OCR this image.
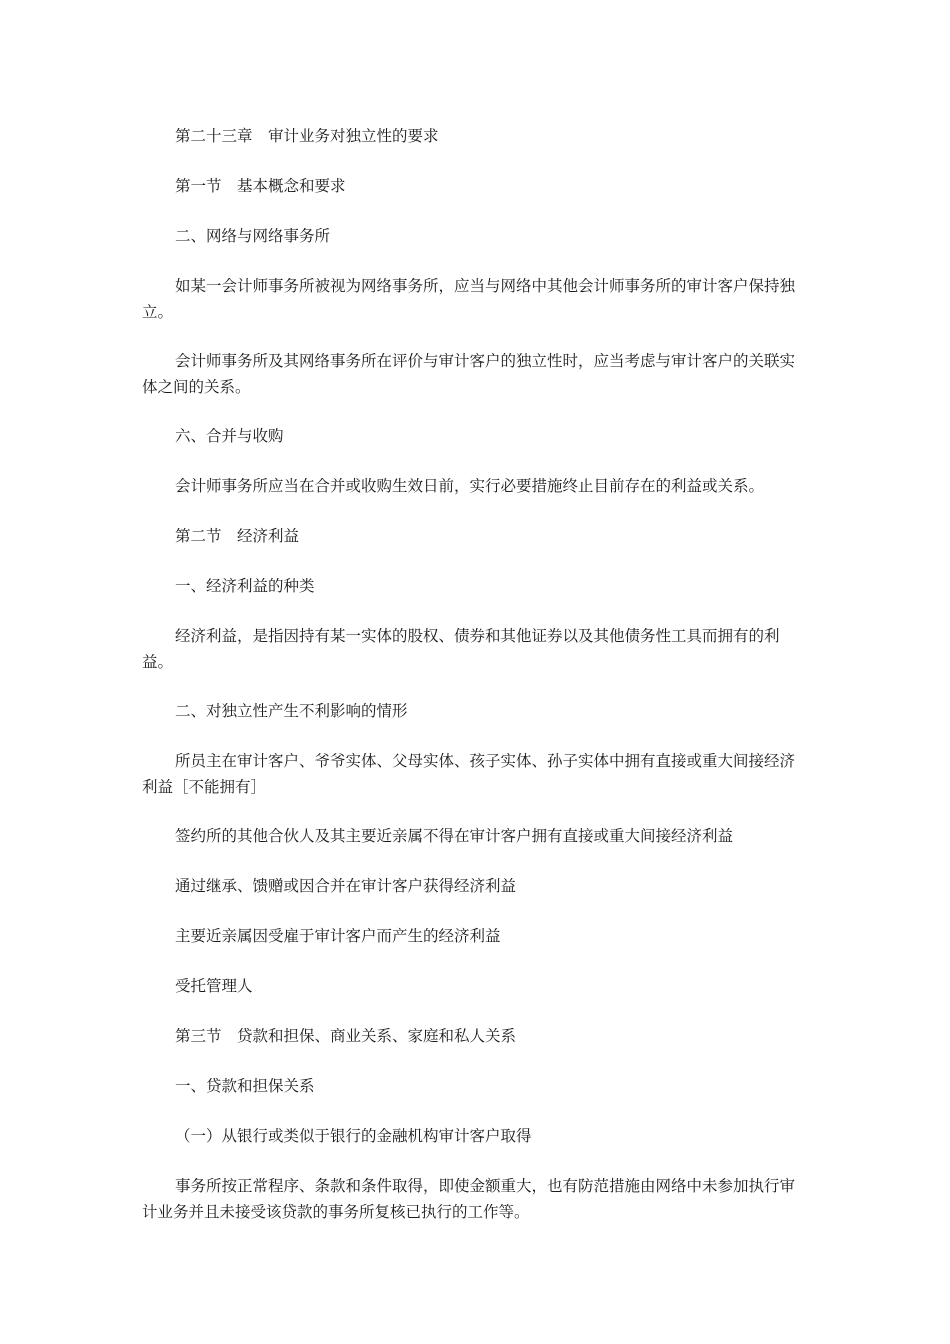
第二十三章　审计业务对独立性的要求

第一节　基本概念和要求

二、网络与网络事务所

如某一会计师事务所被视为网络事务所，应当与网络中其他会计师事务所的审计客户保持独立。

会计师事务所及其网络事务所在评价与审计客户的独立性时，应当考虑与审计客户的关联实体之间的关系。

六、合并与收购

会计师事务所应当在合并或收购生效日前，实行必要措施终止目前存在的利益或关系。

第二节　经济利益

一、经济利益的种类

经济利益，是指因持有某一实体的股权、债券和其他证券以及其他债务性工具而拥有的利益。

二、对独立性产生不利影响的情形

所员主在审计客户、爷爷实体、父母实体、孩子实体、孙子实体中拥有直接或重大间接经济利益［不能拥有］

签约所的其他合伙人及其主要近亲属不得在审计客户拥有直接或重大间接经济利益

通过继承、馈赠或因合并在审计客户获得经济利益

主要近亲属因受雇于审计客户而产生的经济利益

受托管理人

第三节　贷款和担保、商业关系、家庭和私人关系

一、贷款和担保关系

（一）从银行或类似于银行的金融机构审计客户取得

事务所按正常程序、条款和条件取得，即使金额重大，也有防范措施由网络中未参加执行审计业务并且未接受该贷款的事务所复核已执行的工作等。
